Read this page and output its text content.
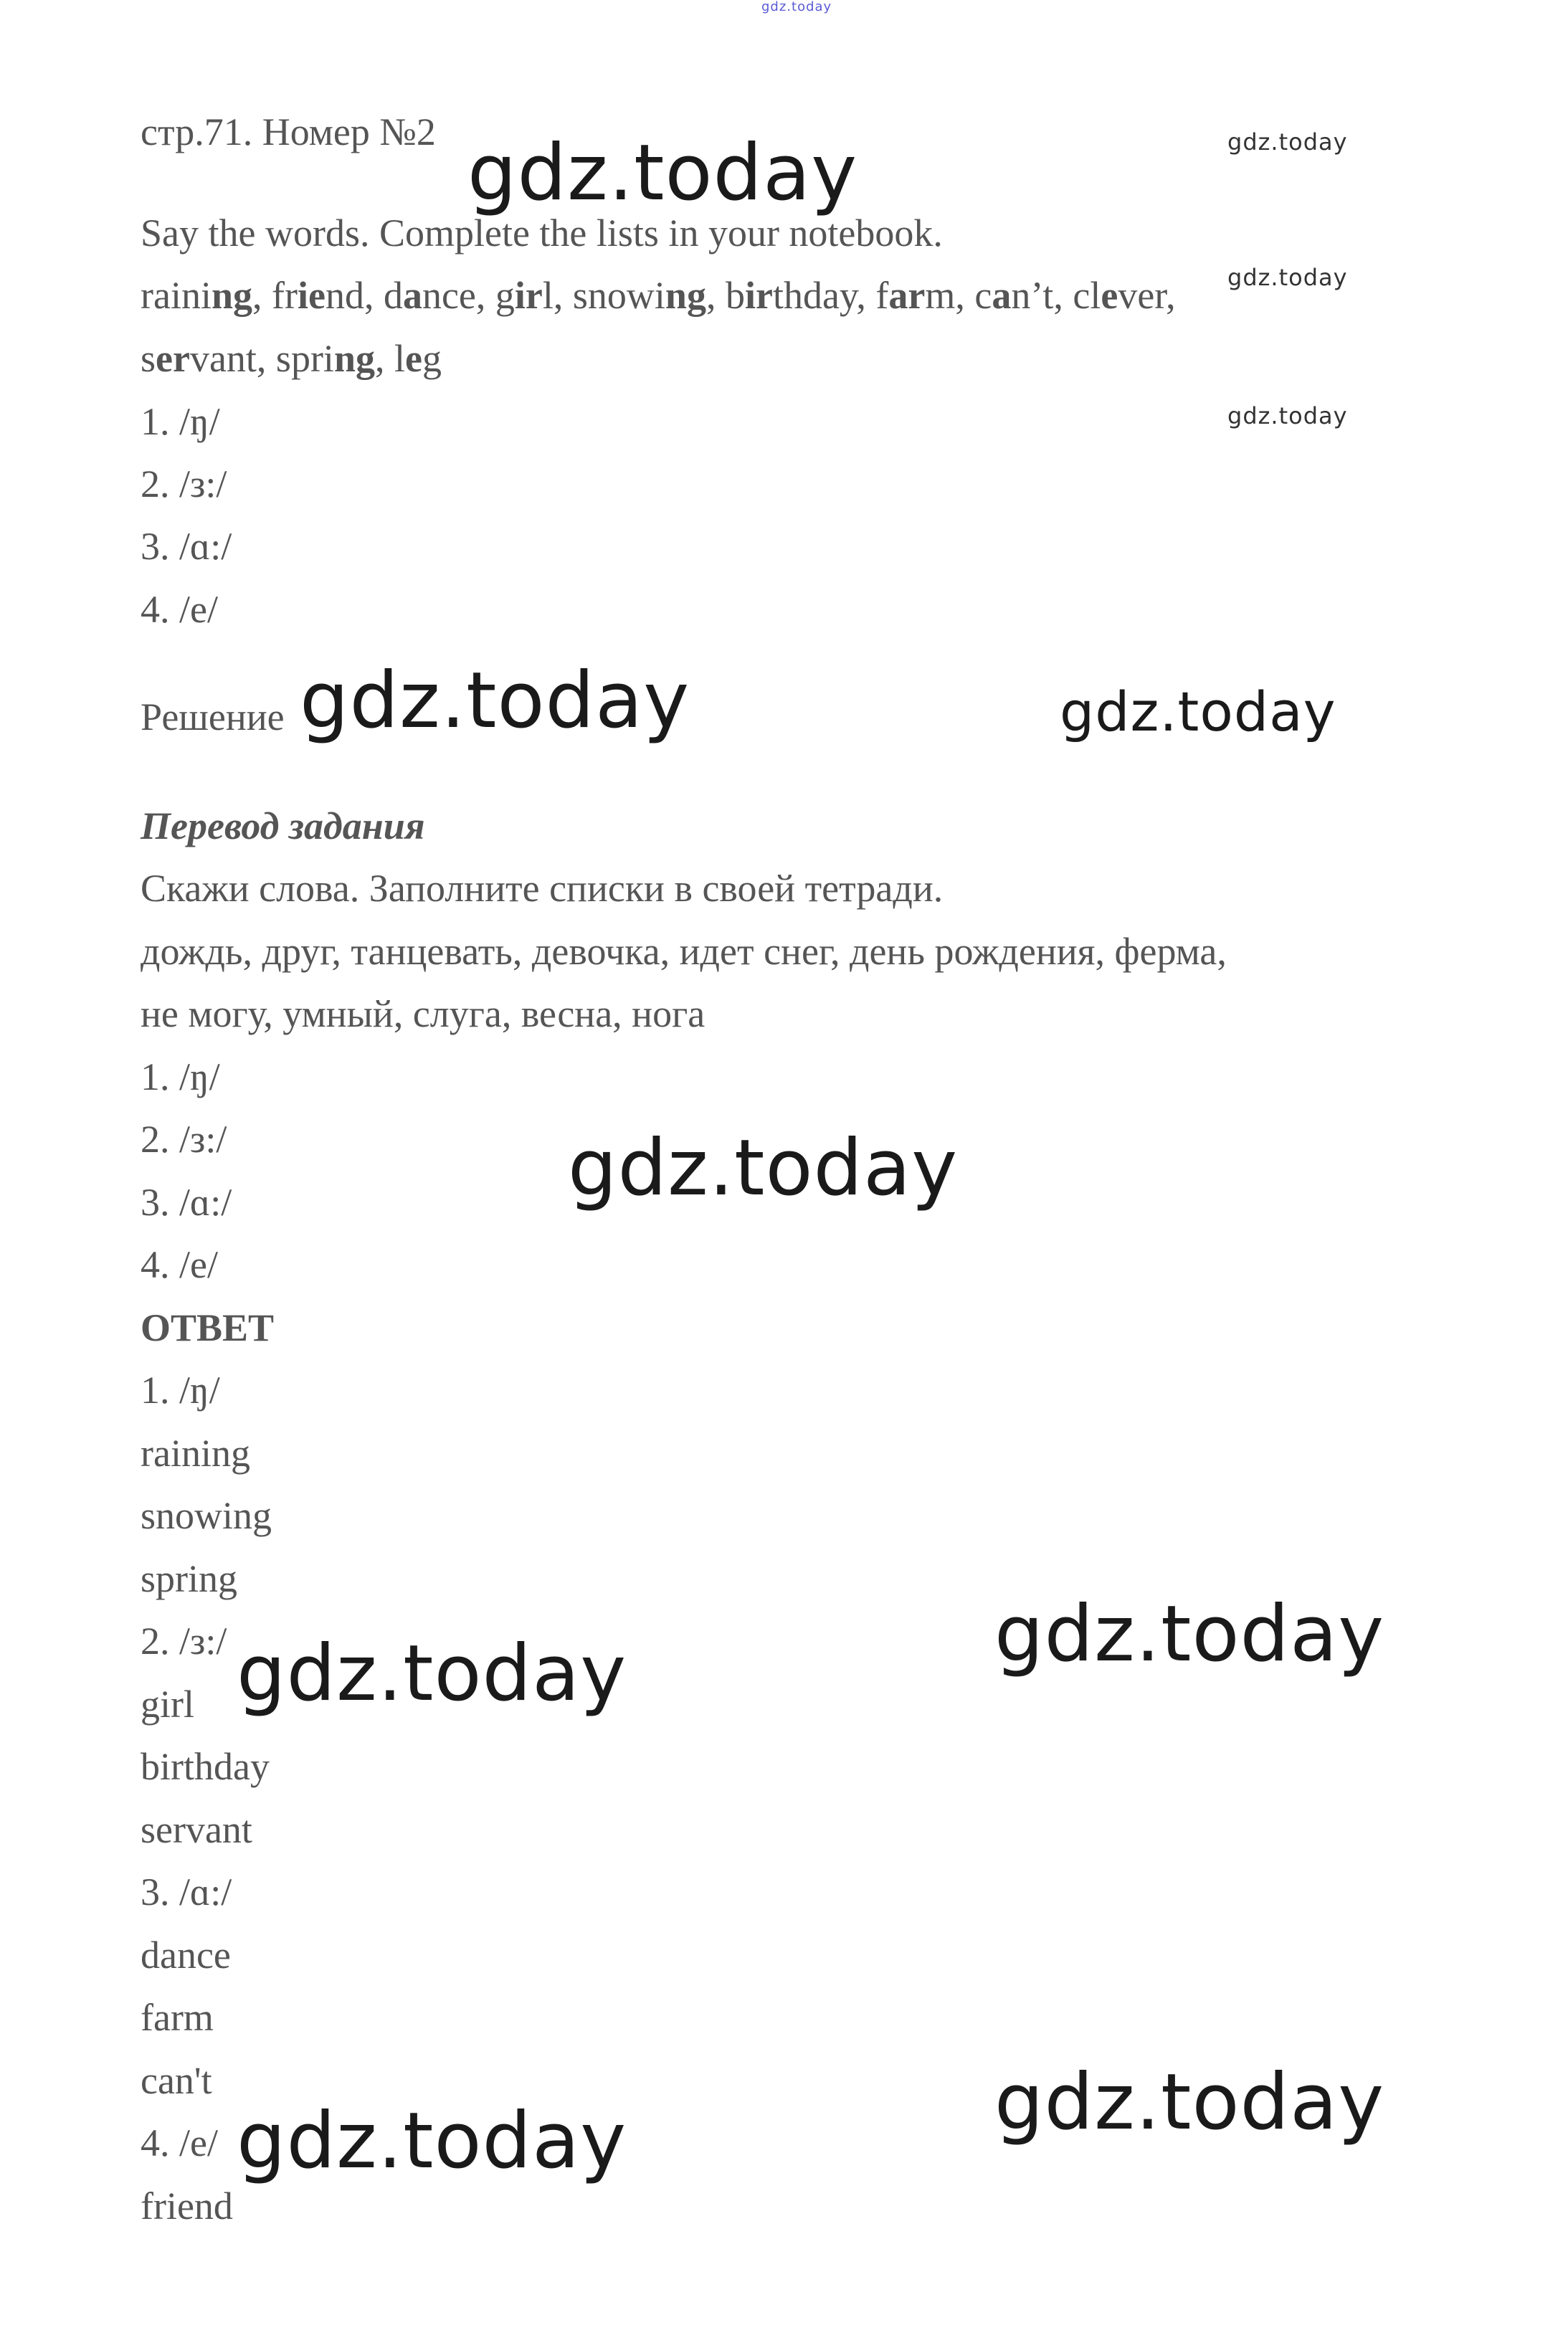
gdz.today
стр.71. Номер №2
Say the words. Complete the lists in your notebook.
raining, friend, dance, girl, snowing, birthday, farm, can’t, clever,
servant, spring, leg
1. /ŋ/
2. /з:/
3. /ɑ:/
4. /e/
Решение
Перевод задания
Скажи слова. Заполните списки в своей тетради.
дождь, друг, танцевать, девочка, идет снег, день рождения, ферма,
не могу, умный, слуга, весна, нога
1. /ŋ/
2. /з:/
3. /ɑ:/
4. /e/
ОТВЕТ
1. /ŋ/
raining
snowing
spring
2. /з:/
girl
birthday
servant
3. /ɑ:/
dance
farm
can't
4. /e/
friend
gdz.today	gdz.today
gdz.today
gdz.today
gdz.today	gdz.today
gdz.today
gdz.today
gdz.today
gdz.today
gdz.today
